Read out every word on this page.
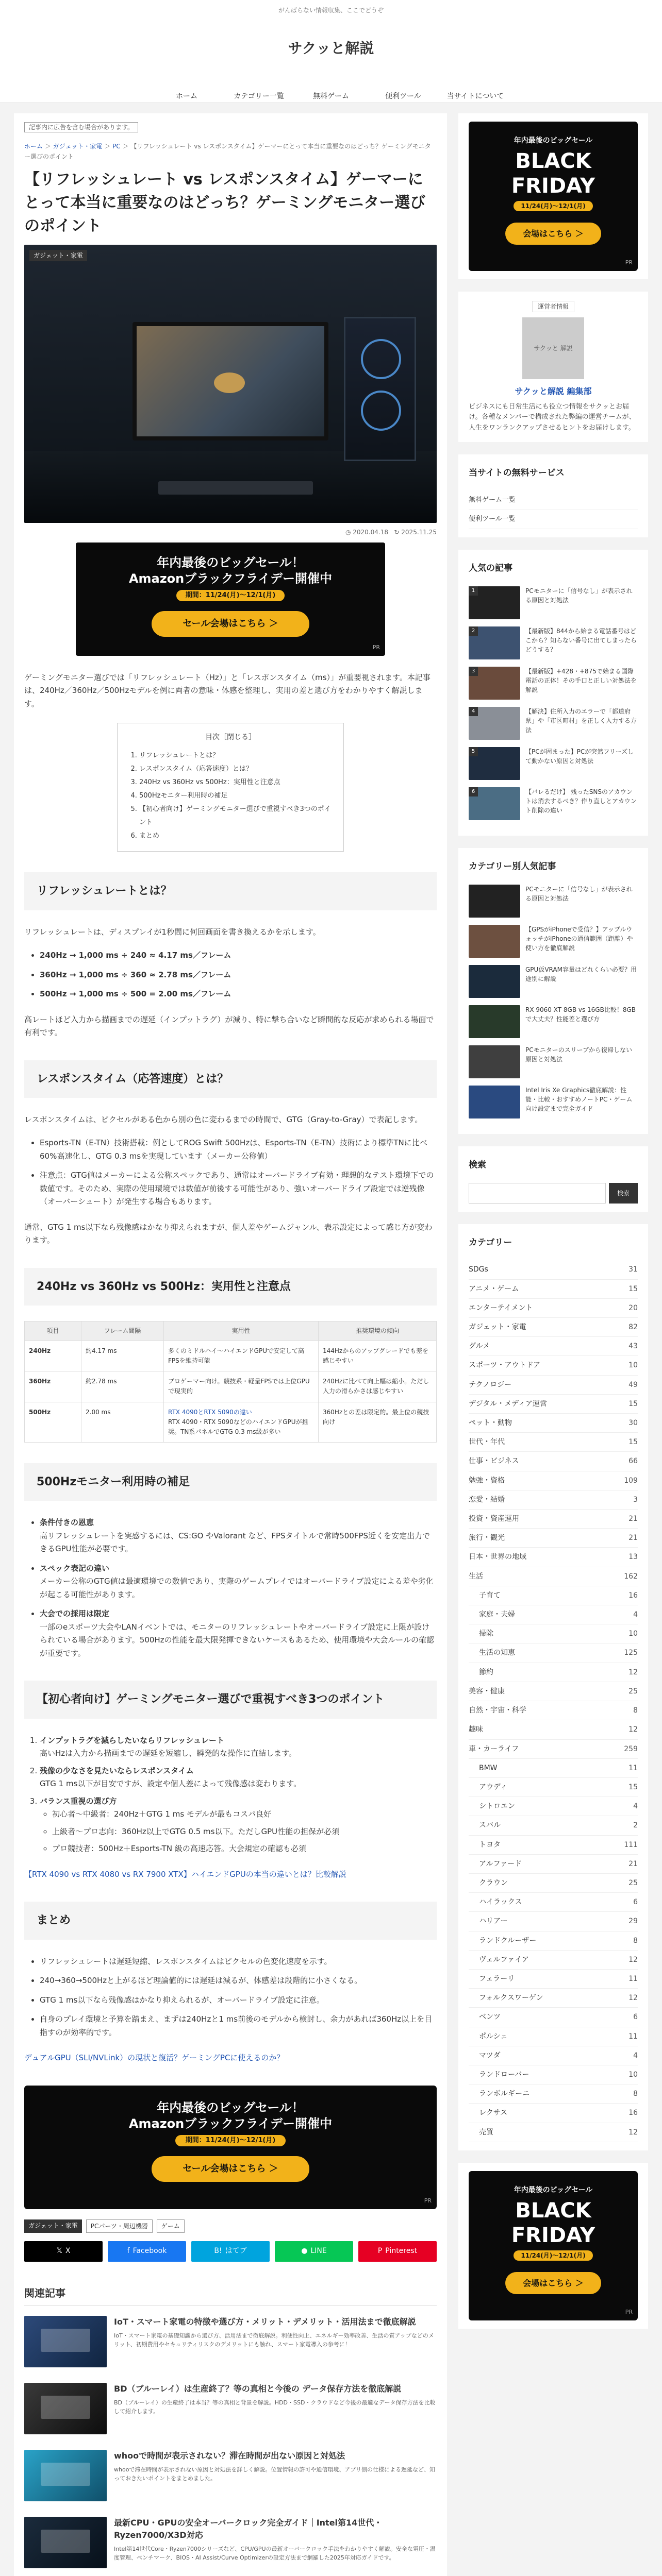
がんばらない情報収集、ここでどうぞ
サクッと解説
ホーム	カテゴリー一覧	無料ゲーム	便利ツール	当サイトについて
記事内に広告を含む場合があります。
ホーム ＞ ガジェット・家電 ＞ PC ＞ 【リフレッシュレート vs レスポンスタイム】ゲーマーにとって本当に重要なのはどっち？ゲーミングモニター選びのポイント
【リフレッシュレート vs レスポンスタイム】ゲーマーにとって本当に重要なのはどっち？ゲーミングモニター選びのポイント
ガジェット・家電
◷ 2020.04.18 ↻ 2025.11.25
年内最後のビッグセール！
Amazonブラックフライデー開催中
期間：11/24(月)〜12/1(月)
セール会場はこちら ＞
PR

ゲーミングモニター選びでは「リフレッシュレート（Hz）」と「レスポンスタイム（ms）」が重要視されます。本記事は、240Hz／360Hz／500Hzモデルを例に両者の意味・体感を整理し、実用の差と選び方をわかりやすく解説します。

目次［閉じる］
1. リフレッシュレートとは？
2. レスポンスタイム（応答速度）とは？
3. 240Hz vs 360Hz vs 500Hz：実用性と注意点
4. 500Hzモニター利用時の補足
5. 【初心者向け】ゲーミングモニター選びで重視すべき3つのポイント
6. まとめ
リフレッシュレートとは？

リフレッシュレートは、ディスプレイが1秒間に何回画面を書き換えるかを示します。

• 240Hz → 1,000 ms ÷ 240 ≈ 4.17 ms／フレーム
• 360Hz → 1,000 ms ÷ 360 ≈ 2.78 ms／フレーム
• 500Hz → 1,000 ms ÷ 500 = 2.00 ms／フレーム

高レートほど入力から描画までの遅延（インプットラグ）が減り、特に撃ち合いなど瞬間的な反応が求められる場面で有利です。

レスポンスタイム（応答速度）とは？

レスポンスタイムは、ピクセルがある色から別の色に変わるまでの時間で、GTG（Gray-to-Gray）で表記します。

• Esports-TN（E-TN）技術搭載：例としてROG Swift 500Hzは、Esports-TN（E-TN）技術により標準TNに比べ60%高速化し、GTG 0.3 msを実現しています（メーカー公称値）
• 注意点：GTG値はメーカーによる公称スペックであり、通常はオーバードライブ有効・理想的なテスト環境下での数値です。そのため、実際の使用環境では数値が前後する可能性があり、強いオーバードライブ設定では逆残像（オーバーシュート）が発生する場合もあります。

通常、GTG 1 ms以下なら残像感はかなり抑えられますが、個人差やゲームジャンル、表示設定によって感じ方が変わります。

240Hz vs 360Hz vs 500Hz：実用性と注意点
項目	フレーム間隔	実用性	推奨環境の傾向
240Hz	約4.17 ms	多くのミドルハイ〜ハイエンドGPUで安定して高FPSを維持可能	144Hzからのアップグレードでも差を感じやすい
360Hz	約2.78 ms	プロゲーマー向け。競技系・軽量FPSでは上位GPUで現実的	240Hzに比べて向上幅は縮小。ただし入力の滑らかさは感じやすい
500Hz	2.00 ms	RTX 4090とRTX 5090の違い
RTX 4090・RTX 5090などのハイエンドGPUが推奨。TN系パネルでGTG 0.3 ms級が多い	360Hzとの差は限定的。最上位の競技向け
500Hzモニター利用時の補足
• 条件付きの恩恵
高リフレッシュレートを実感するには、CS:GO やValorant など、FPSタイトルで常時500FPS近くを安定出力できるGPU性能が必要です。
• スペック表記の違い
メーカー公称のGTG値は最適環境での数値であり、実際のゲームプレイではオーバードライブ設定による差や劣化が起こる可能性があります。
• 大会での採用は限定
一部のeスポーツ大会やLANイベントでは、モニターのリフレッシュレートやオーバードライブ設定に上限が設けられている場合があります。500Hzの性能を最大限発揮できないケースもあるため、使用環境や大会ルールの確認が重要です。
【初心者向け】ゲーミングモニター選びで重視すべき3つのポイント
1. インプットラグを減らしたいならリフレッシュレート
高いHzは入力から描画までの遅延を短縮し、瞬発的な操作に直結します。
2. 残像の少なさを見たいならレスポンスタイム
GTG 1 ms以下が目安ですが、設定や個人差によって残像感は変わります。
3. バランス重視の選び方
◦ 初心者〜中級者：240Hz＋GTG 1 ms モデルが最もコスパ良好
◦ 上級者〜プロ志向：360Hz以上でGTG 0.5 ms以下。ただしGPU性能の担保が必須
◦ プロ競技者：500Hz＋Esports-TN 級の高速応答。大会規定の確認も必須
【RTX 4090 vs RTX 4080 vs RX 7900 XTX】ハイエンドGPUの本当の違いとは？比較解説
まとめ
• リフレッシュレートは遅延短縮、レスポンスタイムはピクセルの色変化速度を示す。
• 240→360→500Hzと上がるほど理論値的には遅延は減るが、体感差は段階的に小さくなる。
• GTG 1 ms以下なら残像感はかなり抑えられるが、オーバードライブ設定に注意。
• 自身のプレイ環境と予算を踏まえ、まずは240Hzと1 ms前後のモデルから検討し、余力があれば360Hz以上を目指すのが効率的です。
デュアルGPU（SLI/NVLink）の現状と復活？ゲーミングPCに使えるのか？
年内最後のビッグセール！
Amazonブラックフライデー開催中
期間：11/24(月)〜12/1(月)
セール会場はこちら ＞
PR
ガジェット・家電	PCパーツ・周辺機器	ゲーム
𝕏 X	f Facebook	B! はてブ	● LINE	P Pinterest
関連記事
IoT・スマート家電の特徴や選び方・メリット・デメリット・活用法まで徹底解説
IoT・スマート家電の基礎知識から選び方、活用法まで徹底解説。利便性向上、エネルギー効率改善、生活の質アップなどのメリット、初期費用やセキュリティリスクのデメリットにも触れ、スマート家電導入の参考に！
BD（ブルーレイ）は生産終了？等の真相と今後の データ保存方法を徹底解説
BD（ブルーレイ）の生産終了は本当？等の真相と背景を解説。HDD・SSD・クラウドなど今後の最適なデータ保存方法を比較して紹介します。
whooで時間が表示されない？滞在時間が出ない原因と対処法
whooで滞在時間が表示されない原因と対処法を詳しく解説。位置情報の許可や通信環境、アプリ側の仕様による遅延など、知っておきたいポイントをまとめました。
最新CPU・GPUの安全オーバークロック完全ガイド｜Intel第14世代・Ryzen7000/X3D対応
Intel第14世代Core・Ryzen7000シリーズなど、CPU/GPUの最新オーバークロック手法をわかりやすく解説。安全な電圧・温度管理、ベンチマーク、BIOS・AI Assist/Curve Optimizerの設定方法まで網羅した2025年対応ガイドです。
年内最後のビッグセール
BLACK
FRIDAY
11/24(月)〜12/1(月)
会場はこちら ＞
PR
運営者情報
サクッと 解説
サクッと解説 編集部

ビジネスにも日常生活にも役立つ情報をサクッとお届け。各種なメンバーで構成された弊編の運営チームが、人生をワンランクアップさせるヒントをお届けします。

当サイトの無料サービス
無料ゲーム一覧
便利ツール一覧
人気の記事
1	PCモニターに「信号なし」が表示される原因と対処法
2	【最新版】844から始まる電話番号はどこから？知らない番号に出てしまったらどうする？
3	【最新版】+428・+875で始まる国際電話の正体！その手口と正しい対処法を解説
4	【解決】住所入力のエラーで「都道府県」や「市区町村」を正しく入力する方法
5	【PCが固まった】PCが突然フリーズして動かない原因と対処法
6	【バレるだけ】 残ったSNSのアカウントは消去するべき？作り直しとアカウント削除の違い
カテゴリー別人気記事
PCモニターに「信号なし」が表示される原因と対処法
【GPSがiPhoneで受信？】アップルウォッチがiPhoneの通信範囲（距離）や使い方を徹底解説
GPU仮VRAM容量はどれくらい必要？用途別に解説
RX 9060 XT 8GB vs 16GB比較！8GBで大丈夫？性能差と選び方
PCモニターのスリープから復帰しない原因と対処法
Intel Iris Xe Graphics徹底解説：性能・比較・おすすめノートPC・ゲーム向け設定まで完全ガイド
検索
検索
カテゴリー
SDGs	31
アニメ・ゲーム	15
エンターテイメント	20
ガジェット・家電	82
グルメ	43
スポーツ・アウトドア	10
テクノロジー	49
デジタル・メディア運営	15
ペット・動物	30
世代・年代	15
仕事・ビジネス	66
勉強・資格	109
恋愛・結婚	3
投資・資産運用	21
旅行・観光	21
日本・世界の地域	13
生活	162
子育て	16
家庭・夫婦	4
掃除	10
生活の知恵	125
節約	12
美容・健康	25
自然・宇宙・科学	8
趣味	12
車・カーライフ	259
BMW	11
アウディ	15
シトロエン	4
スバル	2
トヨタ	111
アルファード	21
クラウン	25
ハイラックス	6
ハリアー	29
ランドクルーザー	8
ヴェルファイア	12
フェラーリ	11
フォルクスワーゲン	12
ベンツ	6
ポルシェ	11
マツダ	4
ランドローバー	10
ランボルギーニ	8
レクサス	16
売買	12
年内最後のビッグセール
BLACK
FRIDAY
11/24(月)〜12/1(月)
会場はこちら ＞
PR
